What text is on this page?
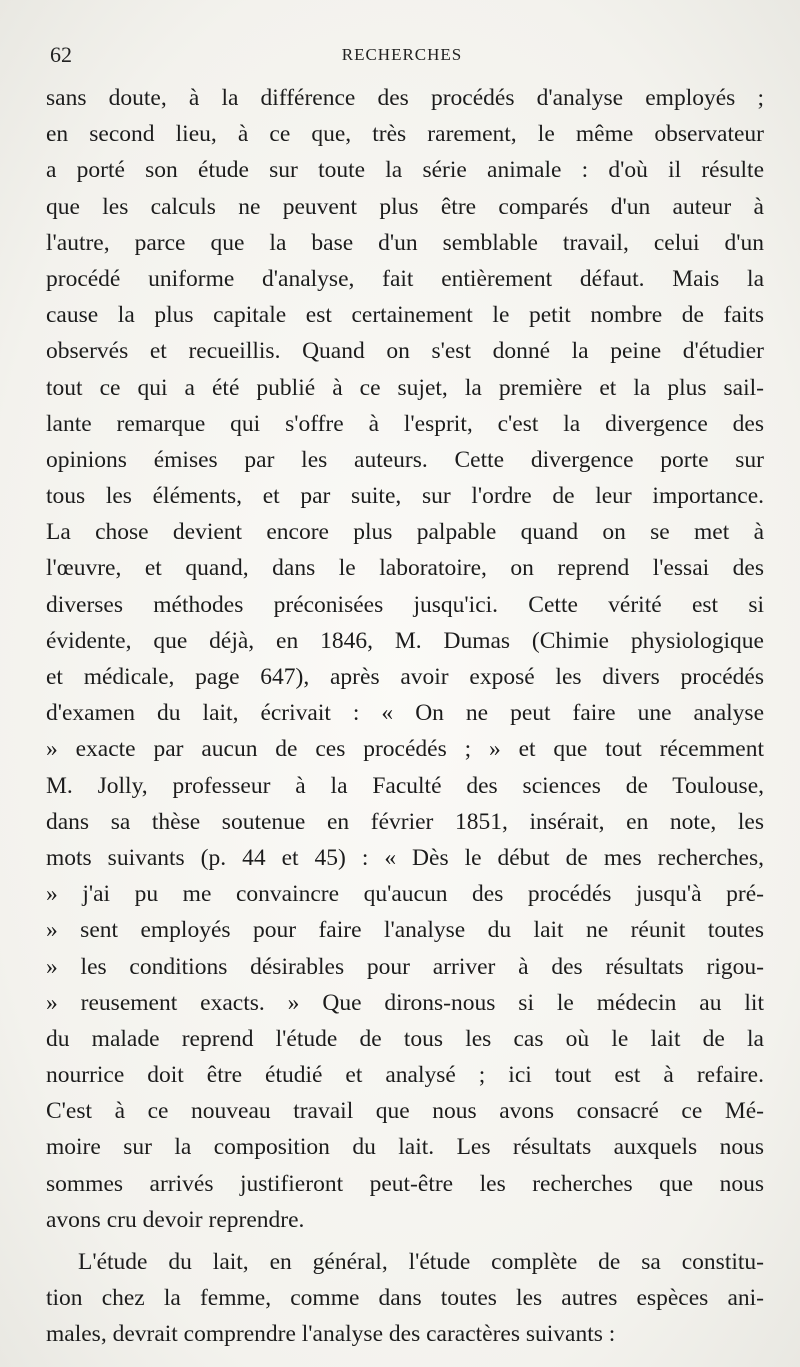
62	RECHERCHES
sans doute, à la différence des procédés d'analyse employés ;
en second lieu, à ce que, très rarement, le même observateur
a porté son étude sur toute la série animale : d'où il résulte
que les calculs ne peuvent plus être comparés d'un auteur à
l'autre, parce que la base d'un semblable travail, celui d'un
procédé uniforme d'analyse, fait entièrement défaut. Mais la
cause la plus capitale est certainement le petit nombre de faits
observés et recueillis. Quand on s'est donné la peine d'étudier
tout ce qui a été publié à ce sujet, la première et la plus sail-
lante remarque qui s'offre à l'esprit, c'est la divergence des
opinions émises par les auteurs. Cette divergence porte sur
tous les éléments, et par suite, sur l'ordre de leur importance.
La chose devient encore plus palpable quand on se met à
l'œuvre, et quand, dans le laboratoire, on reprend l'essai des
diverses méthodes préconisées jusqu'ici. Cette vérité est si
évidente, que déjà, en 1846, M. Dumas (Chimie physiologique
et médicale, page 647), après avoir exposé les divers procédés
d'examen du lait, écrivait : « On ne peut faire une analyse
» exacte par aucun de ces procédés ; » et que tout récemment
M. Jolly, professeur à la Faculté des sciences de Toulouse,
dans sa thèse soutenue en février 1851, insérait, en note, les
mots suivants (p. 44 et 45) : « Dès le début de mes recherches,
» j'ai pu me convaincre qu'aucun des procédés jusqu'à pré-
» sent employés pour faire l'analyse du lait ne réunit toutes
» les conditions désirables pour arriver à des résultats rigou-
» reusement exacts. » Que dirons-nous si le médecin au lit
du malade reprend l'étude de tous les cas où le lait de la
nourrice doit être étudié et analysé ; ici tout est à refaire.
C'est à ce nouveau travail que nous avons consacré ce Mé-
moire sur la composition du lait. Les résultats auxquels nous
sommes arrivés justifieront peut-être les recherches que nous
avons cru devoir reprendre.
L'étude du lait, en général, l'étude complète de sa constitu-
tion chez la femme, comme dans toutes les autres espèces ani-
males, devrait comprendre l'analyse des caractères suivants :
